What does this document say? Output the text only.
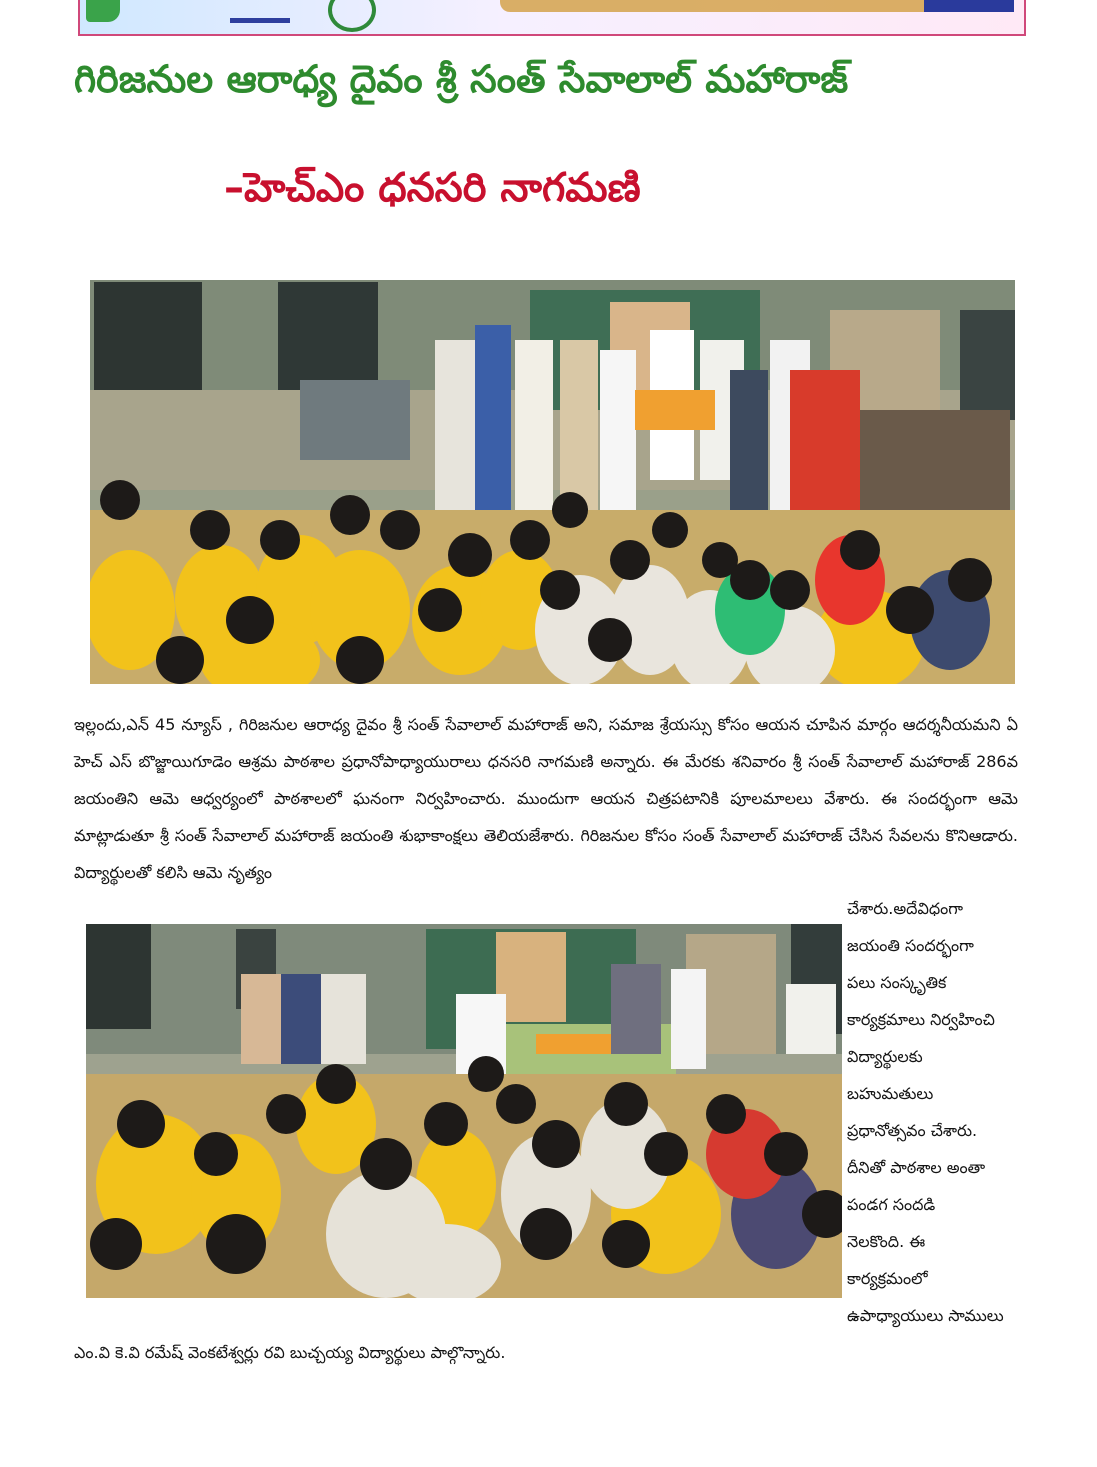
గిరిజనుల ఆరాధ్య దైవం శ్రీ సంత్ సేవాలాల్ మహారాజ్
–హెచ్ఎం ధనసరి నాగమణి

ఇల్లందు,ఎన్ 45 న్యూస్ , గిరిజనుల ఆరాధ్య దైవం శ్రీ సంత్ సేవాలాల్ మహారాజ్ అని, సమాజ శ్రేయస్సు కోసం ఆయన చూపిన మార్గం ఆదర్శనీయమని ఏ హెచ్ ఎస్ బొజ్జాయిగూడెం ఆశ్రమ పాఠశాల ప్రధానోపాధ్యాయురాలు ధనసరి నాగమణి అన్నారు. ఈ మేరకు శనివారం శ్రీ సంత్ సేవాలాల్ మహారాజ్ 286వ జయంతిని ఆమె ఆధ్వర్యంలో పాఠశాలలో ఘనంగా నిర్వహించారు. ముందుగా ఆయన చిత్రపటానికి పూలమాలలు వేశారు. ఈ సందర్భంగా ఆమె మాట్లాడుతూ శ్రీ సంత్ సేవాలాల్ మహారాజ్ జయంతి శుభాకాంక్షలు తెలియజేశారు. గిరిజనుల కోసం సంత్ సేవాలాల్ మహారాజ్ చేసిన సేవలను కొనిఆడారు. విద్యార్థులతో కలిసి ఆమె నృత్యం

చేశారు.అదేవిధంగా
జయంతి సందర్భంగా
పలు సంస్కృతిక
కార్యక్రమాలు నిర్వహించి
విద్యార్థులకు
బహుమతులు
ప్రధానోత్సవం చేశారు.
దీనితో పాఠశాల అంతా
పండగ సందడి
నెలకొంది. ఈ
కార్యక్రమంలో
ఉపాధ్యాయులు సాములు

ఎం.వి కె.వి రమేష్ వెంకటేశ్వర్లు రవి బుచ్చయ్య విద్యార్థులు పాల్గొన్నారు.
